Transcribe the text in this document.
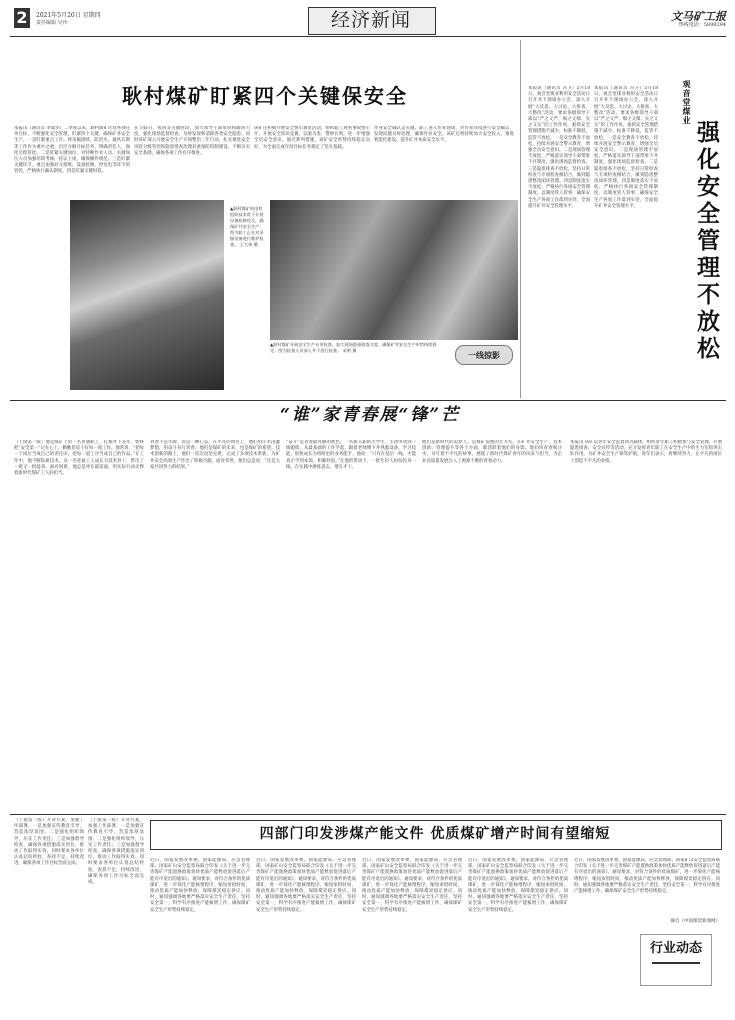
2	2021年5月20日 星期四
责任编辑 吴珍	经济新闻	文马矿工报
热线电话：5898294
耿村煤矿盯紧四个关键保安全
本报讯（通讯员 李瑞华）二季度以来，耿村煤矿针对各项任务目标，不断强化安全管理，盯紧四个关键，确保矿井安全生产。一是盯紧重点工作。将采掘接续、防治水、通风瓦斯等工作作为重中之重，层层分解目标任务，明确责任人，强化过程管控。二是盯紧关键岗位。对特种作业人员、关键岗位人员加强培训考核，持证上岗，确保操作规范。三是盯紧关键环节。重点加强对交接班、设备检修、停送电等环节的管控，严格执行确认制度。四是盯紧关键时段。
在节假日、夜班等关键时段，加大领导干部带班和跟班力度，强化现场监督检查，及时发现和消除各类安全隐患。同时该矿深入开展安全生产专项整治三年行动，扎实推进安全风险分级管控和隐患排查治理双重预防机制建设，不断夯实安全基础，确保各项工作有序推进。
该矿还积极开展安全警示教育活动，组织职工观看事故警示片，开展安全知识竞赛，以案为鉴，警钟长鸣，进一步增强全员安全意识。通过系列措施，该矿安全形势持续稳定向好，为全面完成年度目标任务奠定了坚实基础。
作业安全确认是关键。职工进入作业现场，对作业环境进行安全确认，发现问题及时处理，确保作业安全。该矿还将持续加大安全投入，推进智能化建设，提升矿井本质安全水平。
▲耿村煤矿机电科组织技术骨干开展设备检修攻关，确保矿井安全生产。图为职工正在对采掘设备进行维护检查。 王大伟 摄
▲耿村煤矿开展安全生产专项检查，加大现场隐患排查力度，确保矿井安全生产形势持续稳定。图为检查人员深入井下进行检查。 宋明 摄	一线掠影
观音堂煤业
强化安全管理不放松
本报讯（通讯员 冯卫）5月18日，观音堂煤业利用安全活动日召开井下现场办公会，深入开展“大反思、大讨论、大排查、大整改”活动，要求各级领导干部以“严之又严、细之又细、实之又实”的工作作风，狠抓安全管理措施不减少，标准不降低，监管不放松。一是安全教育不放松，持续开展安全警示教育，增强全员安全意识。二是现场管理不放松，严格落实领导干部带班下井制度，强化现场监督检查。三是隐患排查不放松，坚持日常检查与专项检查相结合，做到隐患整改闭环管理。四是制度落实不放松，严格执行各项安全管理制度，以制度管人管事，确保安全生产各项工作落到实处，全面提升矿井安全管理水平。
本报讯（通讯员 冯卫）5月18日，观音堂煤业利用安全活动日召开井下现场办公会，深入开展“大反思、大讨论、大排查、大整改”活动，要求各级领导干部以“严之又严、细之又细、实之又实”的工作作风，狠抓安全管理措施不减少，标准不降低，监管不放松。一是安全教育不放松，持续开展安全警示教育，增强全员安全意识。二是现场管理不放松，严格落实领导干部带班下井制度，强化现场监督检查。三是隐患排查不放松，坚持日常检查与专项检查相结合，做到隐患整改闭环管理。四是制度落实不放松，严格执行各项安全管理制度，以制度管人管事，确保安全生产各项工作落到实处，全面提升矿井安全管理水平。
“谁”家青春展“锋”芒
（上接第一版）他是煤矿上的一名普通职工，扎根井下多年，始终把“安全第一”记在心上，勤勤恳恳干好每一项工作。他常说：“把每一个岗位当成自己的责任田，把每一道工序当成自己的作品。”在工作中，他不断钻研技术，从一名普通工人成长为技术骨干，带出了一批又一批徒弟。面对困难，他总是冲在最前面，用实际行动诠释着新时代煤矿工人的担当。
青春不是年龄，而是一种心态。在平凡的岗位上，他们用汗水浇灌梦想，用奋斗书写青春。他们是煤矿的未来，也是煤矿的希望。技术创新的路上，他们一次次攻坚克难，完成了多项技术革新，为矿井安全高效生产作出了积极贡献。面对荣誉，他们总是说：“这是大家共同努力的结果。”
“奋斗”是青春最亮丽的底色。一名新入职的大学生，主动申请到一线锻炼，从最基础的工作学起，跟着老师傅下井熟悉设备、学习技能，很快成长为班组里的业务能手。他说：“只有在基层一线，才能真正学到本领，积累经验。”在他的带动下，一批年轻人纷纷投身一线，在实践中磨炼意志、增长才干。
他们是新时代的追梦人，是煤矿发展的生力军。在矿井安全生产、技术创新、管理提升等各个方面，都活跃着他们的身影。他们用青春和汗水，书写着不平凡的故事，展现了新时代煤矿青年的风采与担当，为企业高质量发展注入了源源不断的青春动力。
本报讯 该矿以青年安全监督岗为载体，组织青年职工积极参与安全管理，开展隐患排查、安全宣传等活动，充分发挥青年职工在安全生产中的生力军和突击队作用，为矿井安全生产保驾护航。青年们表示，将继续努力，在平凡的岗位上创造不平凡的业绩。
（上接第一版）开对方案，加强工作部署，一是加强宣传教育引导，营造浓厚氛围；二是强化组织领导，压实工作责任；三是加强督导检查，确保各项措施落实到位，推动工作取得实效。同时要求各单位认真总结经验，查找不足，持续改进，确保各项工作目标全面完成。
（上接第一版）开对方案，加强工作部署，一是加强宣传教育引导，营造浓厚氛围；二是强化组织领导，压实工作责任；三是加强督导检查，确保各项措施落实到位，推动工作取得实效。同时要求各单位认真总结经验，查找不足，持续改进，确保各项工作目标全面完成。
四部门印发涉煤产能文件 优质煤矿增产时间有望缩短
近日，国家发展改革委、国家能源局、应急管理部、国家矿山安全监察局联合印发《关于进一步完善煤矿产能置换政策加快优质产能释放促进落后产能有序退出的通知》。通知要求，对符合条件的优质煤矿，进一步简化产能核增程序，缩短审批时间，推动优质产能加快释放，保障煤炭稳定供应。同时，通知强调各地要严格落实安全生产责任，坚持安全第一，科学有序推进产能核增工作，确保煤矿安全生产形势持续稳定。
近日，国家发展改革委、国家能源局、应急管理部、国家矿山安全监察局联合印发《关于进一步完善煤矿产能置换政策加快优质产能释放促进落后产能有序退出的通知》。通知要求，对符合条件的优质煤矿，进一步简化产能核增程序，缩短审批时间，推动优质产能加快释放，保障煤炭稳定供应。同时，通知强调各地要严格落实安全生产责任，坚持安全第一，科学有序推进产能核增工作，确保煤矿安全生产形势持续稳定。
近日，国家发展改革委、国家能源局、应急管理部、国家矿山安全监察局联合印发《关于进一步完善煤矿产能置换政策加快优质产能释放促进落后产能有序退出的通知》。通知要求，对符合条件的优质煤矿，进一步简化产能核增程序，缩短审批时间，推动优质产能加快释放，保障煤炭稳定供应。同时，通知强调各地要严格落实安全生产责任，坚持安全第一，科学有序推进产能核增工作，确保煤矿安全生产形势持续稳定。
近日，国家发展改革委、国家能源局、应急管理部、国家矿山安全监察局联合印发《关于进一步完善煤矿产能置换政策加快优质产能释放促进落后产能有序退出的通知》。通知要求，对符合条件的优质煤矿，进一步简化产能核增程序，缩短审批时间，推动优质产能加快释放，保障煤炭稳定供应。同时，通知强调各地要严格落实安全生产责任，坚持安全第一，科学有序推进产能核增工作，确保煤矿安全生产形势持续稳定。
近日，国家发展改革委、国家能源局、应急管理部、国家矿山安全监察局联合印发《关于进一步完善煤矿产能置换政策加快优质产能释放促进落后产能有序退出的通知》。通知要求，对符合条件的优质煤矿，进一步简化产能核增程序，缩短审批时间，推动优质产能加快释放，保障煤炭稳定供应。同时，通知强调各地要严格落实安全生产责任，坚持安全第一，科学有序推进产能核增工作，确保煤矿安全生产形势持续稳定。
摘自《中国煤炭新闻网》
行业动态
